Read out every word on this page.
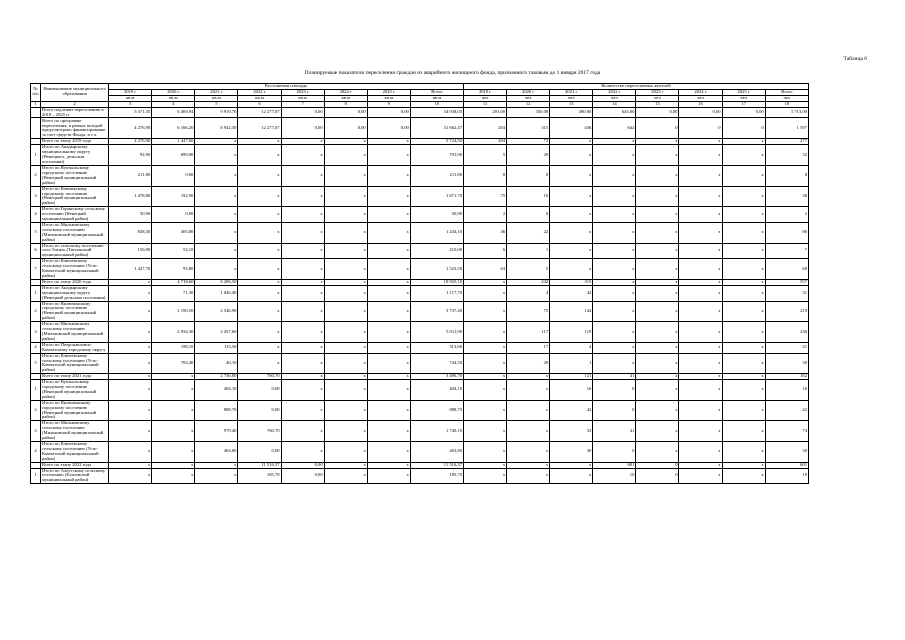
Таблица 6
Планируемые показатели переселения граждан из аварийного жилищного фонда, признанного таковым до 1 января 2017 года
№ п/п	Наименование муниципального образования	Расселяемая площадь								Количество переселяемых жителей							
		2019 г	2020 г	2021 г	2022 г	2023 г	2024 г	2025 г	Всего	2019 г	2020 г	2021 г	2022 г	2023 г	2024 г	2025 г	Всего
		кв.м	кв.м	кв.м	кв.м	кв.м	кв.м	кв.м	кв.м	чел	чел	чел	чел	чел	чел	чел	чел
1	2	3	4	5	6	7	8	9	10	11	12	13	14	15	16	17	18
	Всего подлежит переселению в 2019 – 2025 гг	5 371,35	6 469,94	9 919,70	12 277,07	0,00	0,00	0,00	34 038,03	201,00	330,00	490,00	643,00	0,00	0,00	0,00	1 713,00
	Всего по программе переселения, в рамках которой предусмотрено финансирование за счет средств Фонда, в т.ч.	4 276,90	6 166,20	8 942,30	12 277,07	0,00	0,00	0,00	31 662,47	204	315	436	642	0	0	0	1 597
	Всего по этапу 2019 года	4 276,90	1 447,60	x	x	x	x	x	5 724,50	204	73	x	x	x	x	x	277
1	Итого по Анадырскому муниципальному округу (Ненецкого, дельском поселении)	92,90	699,00	x	x	x	x	x	791,90	5	29	x	x	x	x	x	32
2	Итого по Вуктыльскому городскому поселению (Ненецкий муниципальный район)	211,80	0,00	x	x	x	x	x	211,80	8	0	x	x	x	x	x	8
3	Итого по Кемпикскому городскому поселению (Ненецкий муниципальный район)	1 478,80	192,90	x	x	x	x	x	1 671,70	75	16	x	x	x	x	x	38
4	Итого по Горинскому сельскому поселению (Ненецкий муниципальный район)	50,90	0,00	x	x	x	x	x	50,90	2	0	x	x	x	x	x	2
5	Итого по Мильковскому сельскому поселению (Мильковский муниципальный район)	838,30	405,80	x	x	x	x	x	1 244,10	46	22	x	x	x	x	x	86
6	Итого по сельскому поселению села Тигиль (Тигильский муниципальный район)	156,90	54,10	x	x	x	x	x	210,00	6	1	x	x	x	x	x	7
7	Итого по Ключевскому сельскому поселению (Усть-Камчатский муниципальный район)	1 427,70	95,80	x	x	x	x	x	1 523,50	63	5	x	x	x	x	x	68
	Всего по этапу 2020 года	x	4 718,60	6 206,50	x	x	x	x	10 925,10	x	242	315	x	x	x	x	557
1	Итого по Анадырскому муниципальному округу (Ненецкий дельском поселении)	x	71,30	1 046,40	x	x	x	x	1 117,70	x	4	42	x	x	x	x	31
2	Итого по Вилючинскому городскому поселению (Ненецкий муниципальный район)	x	1 190,50	2 546,90	x	x	x	x	3 737,40	x	75	144	x	x	x	x	219
3	Итого по Мильковскому сельскому поселению (Мильковский муниципальный район)	x	2 934,30	2 457,60	x	x	x	x	5 011,90	x	117	119	x	x	x	x	236
4	Итого по Петропавловск-Камчатскому городскому округу	x	198,10	115,50	x	x	x	x	313,60	x	17	4	x	x	x	x	21
5	Итого по Ключевскому сельскому поселению (Усть-Камчатский муниципальный район)	x	704,40	40,10	x	x	x	x	744,50	x	29	1	x	x	x	x	30
	Всего по этапу 2021 года	x	x	2 736,00	760,70	x	x	x	3 496,70	x	x	121	41	x	x	x	162
1	Итого по Вуктыльскому городскому поселению (Ненецкий муниципальный район)	x	x	404,10	0,00	x	x	x	404,10	x	x	16	0	x	x	x	16
2	Итого по Вилючинскому городскому поселению (Ненецкий муниципальный район)	x	x	888,70	0,00	x	x	x	888,70	x	x	42	0	x	x	x	42
3	Итого по Мильковскому сельскому поселению (Мильковский муниципальный район)	x	x	979,40	760,70	x	x	x	1 740,10	x	x	33	41	x	x	x	74
4	Итого по Ключевскому сельскому поселению (Усть-Камчатский муниципальный район)	x	x	463,80	0,00	x	x	x	463,80	x	x	30	0	x	x	x	30
	Всего по этапу 2022 года	x	x	x	11 516,37	0,00	x	x	11 516,37	x	x	x	601	0	x	x	601
1	Итого по Алеутскому сельскому поселению (Елизовский муниципальный район)	x	x	x	185,70	0,00	x	x	185,70	x	x	x	10	0	x	x	10
